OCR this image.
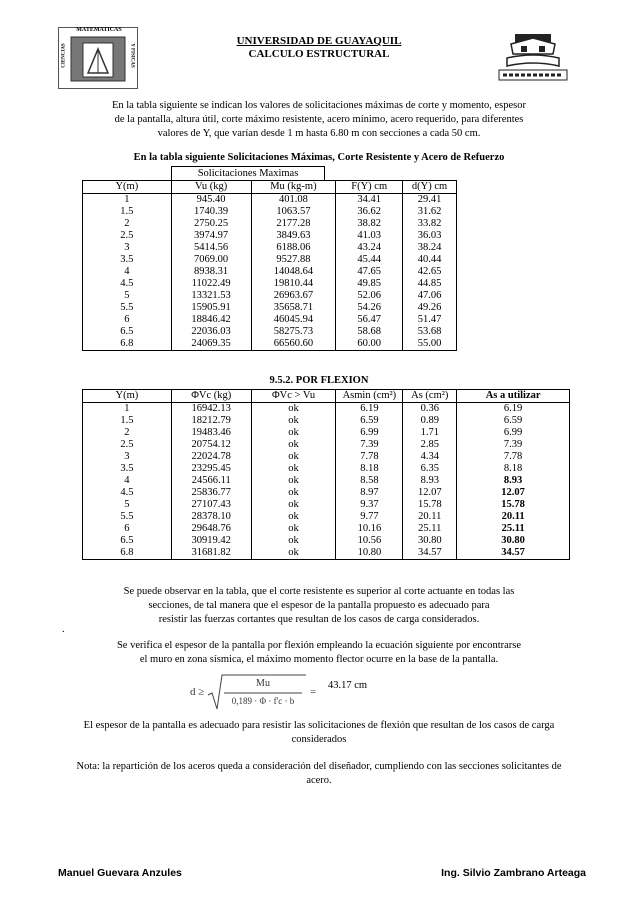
MATEMATICAS
CIENCIAS	Y FISICAS
UNIVERSIDAD DE GUAYAQUIL
CALCULO ESTRUCTURAL
En la tabla siguiente se indican los valores de solicitaciones máximas de corte y momento, espesor
de la pantalla, altura útil, corte máximo resistente, acero mínimo, acero requerido, para diferentes
valores de Y, que varían desde 1 m hasta 6.80 m con secciones a cada 50 cm.
En la tabla siguiente Solicitaciones Máximas, Corte Resistente y Acero de Refuerzo
Solicitaciones Maximas
Y(m)	Vu (kg)	Mu (kg-m)	F(Y) cm	d(Y) cm
1	945.40	401.08	34.41	29.41
1.5	1740.39	1063.57	36.62	31.62
2	2750.25	2177.28	38.82	33.82
2.5	3974.97	3849.63	41.03	36.03
3	5414.56	6188.06	43.24	38.24
3.5	7069.00	9527.88	45.44	40.44
4	8938.31	14048.64	47.65	42.65
4.5	11022.49	19810.44	49.85	44.85
5	13321.53	26963.67	52.06	47.06
5.5	15905.91	35658.71	54.26	49.26
6	18846.42	46045.94	56.47	51.47
6.5	22036.03	58275.73	58.68	53.68
6.8	24069.35	66560.60	60.00	55.00
9.5.2. POR FLEXION
Y(m)	ΦVc (kg)	ΦVc > Vu	Asmin (cm²)	As (cm²)	As a utilizar
1	16942.13	ok	6.19	0.36	6.19
1.5	18212.79	ok	6.59	0.89	6.59
2	19483.46	ok	6.99	1.71	6.99
2.5	20754.12	ok	7.39	2.85	7.39
3	22024.78	ok	7.78	4.34	7.78
3.5	23295.45	ok	8.18	6.35	8.18
4	24566.11	ok	8.58	8.93	8.93
4.5	25836.77	ok	8.97	12.07	12.07
5	27107.43	ok	9.37	15.78	15.78
5.5	28378.10	ok	9.77	20.11	20.11
6	29648.76	ok	10.16	25.11	25.11
6.5	30919.42	ok	10.56	30.80	30.80
6.8	31681.82	ok	10.80	34.57	34.57
Se puede observar en la tabla, que el corte resistente es superior al corte actuante en todas las
secciones, de tal manera que el espesor de la pantalla propuesto es adecuado para
resistir las fuerzas cortantes que resultan de los casos de carga considerados.
.
Se verifica el espesor de la pantalla por flexión empleando la ecuación siguiente por encontrarse
el muro en zona sísmica, el máximo momento flector ocurre en la base de la pantalla.
d ≥
Mu
0,189 · Φ · f'c · b
=
43.17 cm
El espesor de la pantalla es adecuado para resistir las solicitaciones de flexión que resultan de los casos de carga
considerados
Nota: la repartición de los aceros queda a consideración del diseñador, cumpliendo con las secciones solicitantes de
acero.
Manuel Guevara Anzules	Ing. Silvio Zambrano Arteaga
